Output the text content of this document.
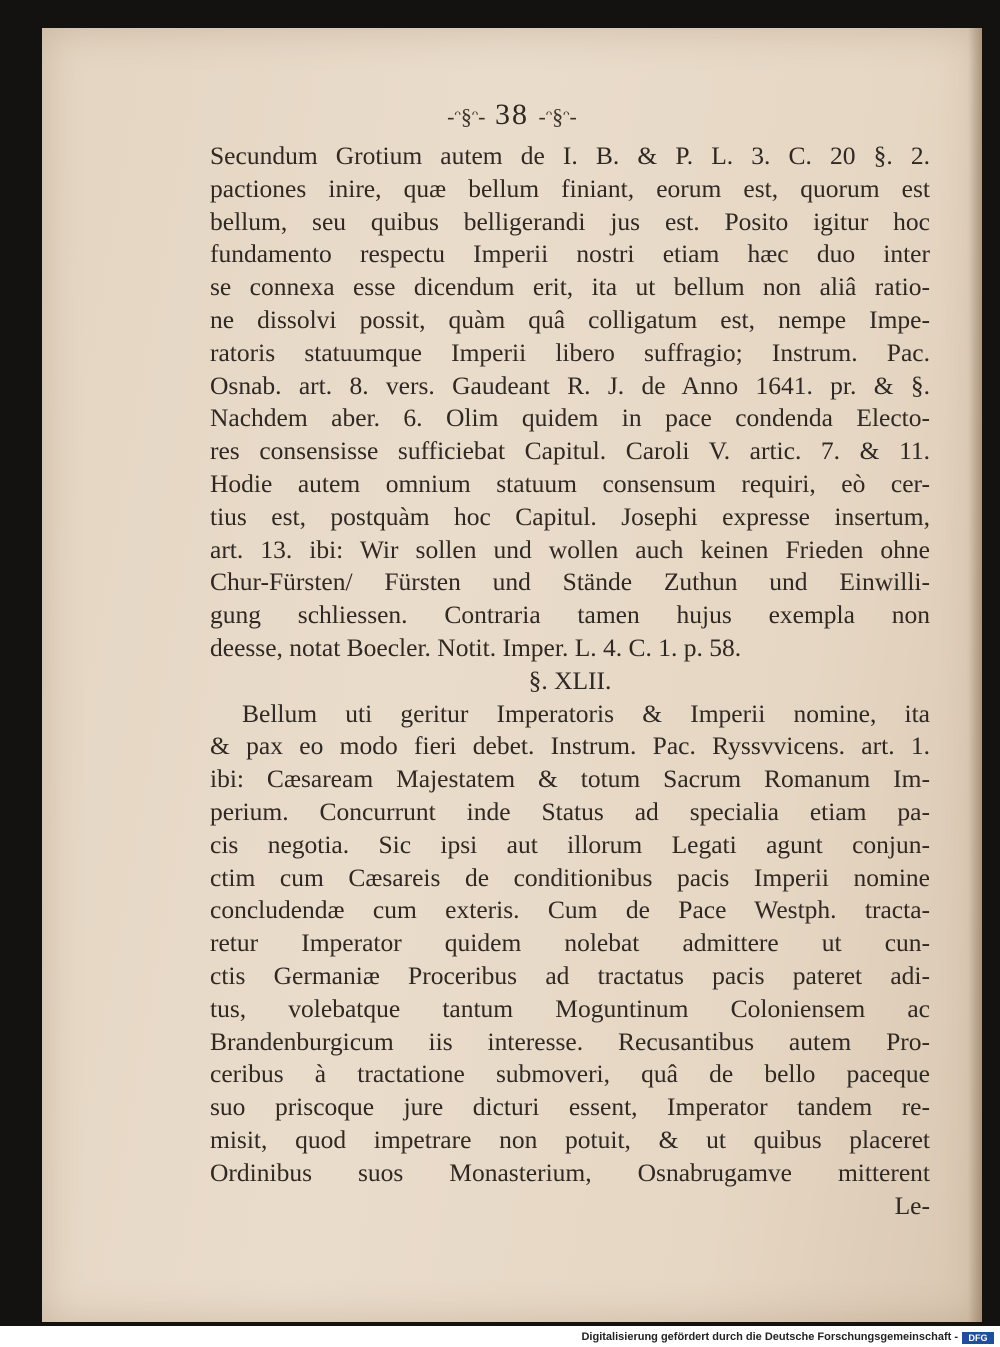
-ᵔ§ᵔ- 38 -ᵔ§ᵔ-
Secundum Grotium autem de I. B. & P. L. 3. C. 20 §. 2.
pactiones inire, quæ bellum finiant, eorum est, quorum est
bellum, seu quibus belligerandi jus est. Posito igitur hoc
fundamento respectu Imperii nostri etiam hæc duo inter
se connexa esse dicendum erit, ita ut bellum non aliâ ratio-
ne dissolvi possit, quàm quâ colligatum est, nempe Impe-
ratoris statuumque Imperii libero suffragio; Instrum. Pac.
Osnab. art. 8. vers. Gaudeant R. J. de Anno 1641. pr. & §.
Nachdem aber. 6. Olim quidem in pace condenda Electo-
res consensisse sufficiebat Capitul. Caroli V. artic. 7. & 11.
Hodie autem omnium statuum consensum requiri, eò cer-
tius est, postquàm hoc Capitul. Josephi expresse insertum,
art. 13. ibi: Wir sollen und wollen auch keinen Frieden ohne
Chur-Fürsten/ Fürsten und Stände Zuthun und Einwilli-
gung schliessen. Contraria tamen hujus exempla non
deesse, notat Boecler. Notit. Imper. L. 4. C. 1. p. 58.
§. XLII.
Bellum uti geritur Imperatoris & Imperii nomine, ita
& pax eo modo fieri debet. Instrum. Pac. Ryssvvicens. art. 1.
ibi: Cæsaream Majestatem & totum Sacrum Romanum Im-
perium. Concurrunt inde Status ad specialia etiam pa-
cis negotia. Sic ipsi aut illorum Legati agunt conjun-
ctim cum Cæsareis de conditionibus pacis Imperii nomine
concludendæ cum exteris. Cum de Pace Westph. tracta-
retur Imperator quidem nolebat admittere ut cun-
ctis Germaniæ Proceribus ad tractatus pacis pateret adi-
tus, volebatque tantum Moguntinum Coloniensem ac
Brandenburgicum iis interesse. Recusantibus autem Pro-
ceribus à tractatione submoveri, quâ de bello paceque
suo priscoque jure dicturi essent, Imperator tandem re-
misit, quod impetrare non potuit, & ut quibus placeret
Ordinibus suos Monasterium, Osnabrugamve mitterent
Le-
Digitalisierung gefördert durch die Deutsche Forschungsgemeinschaft -	DFG
